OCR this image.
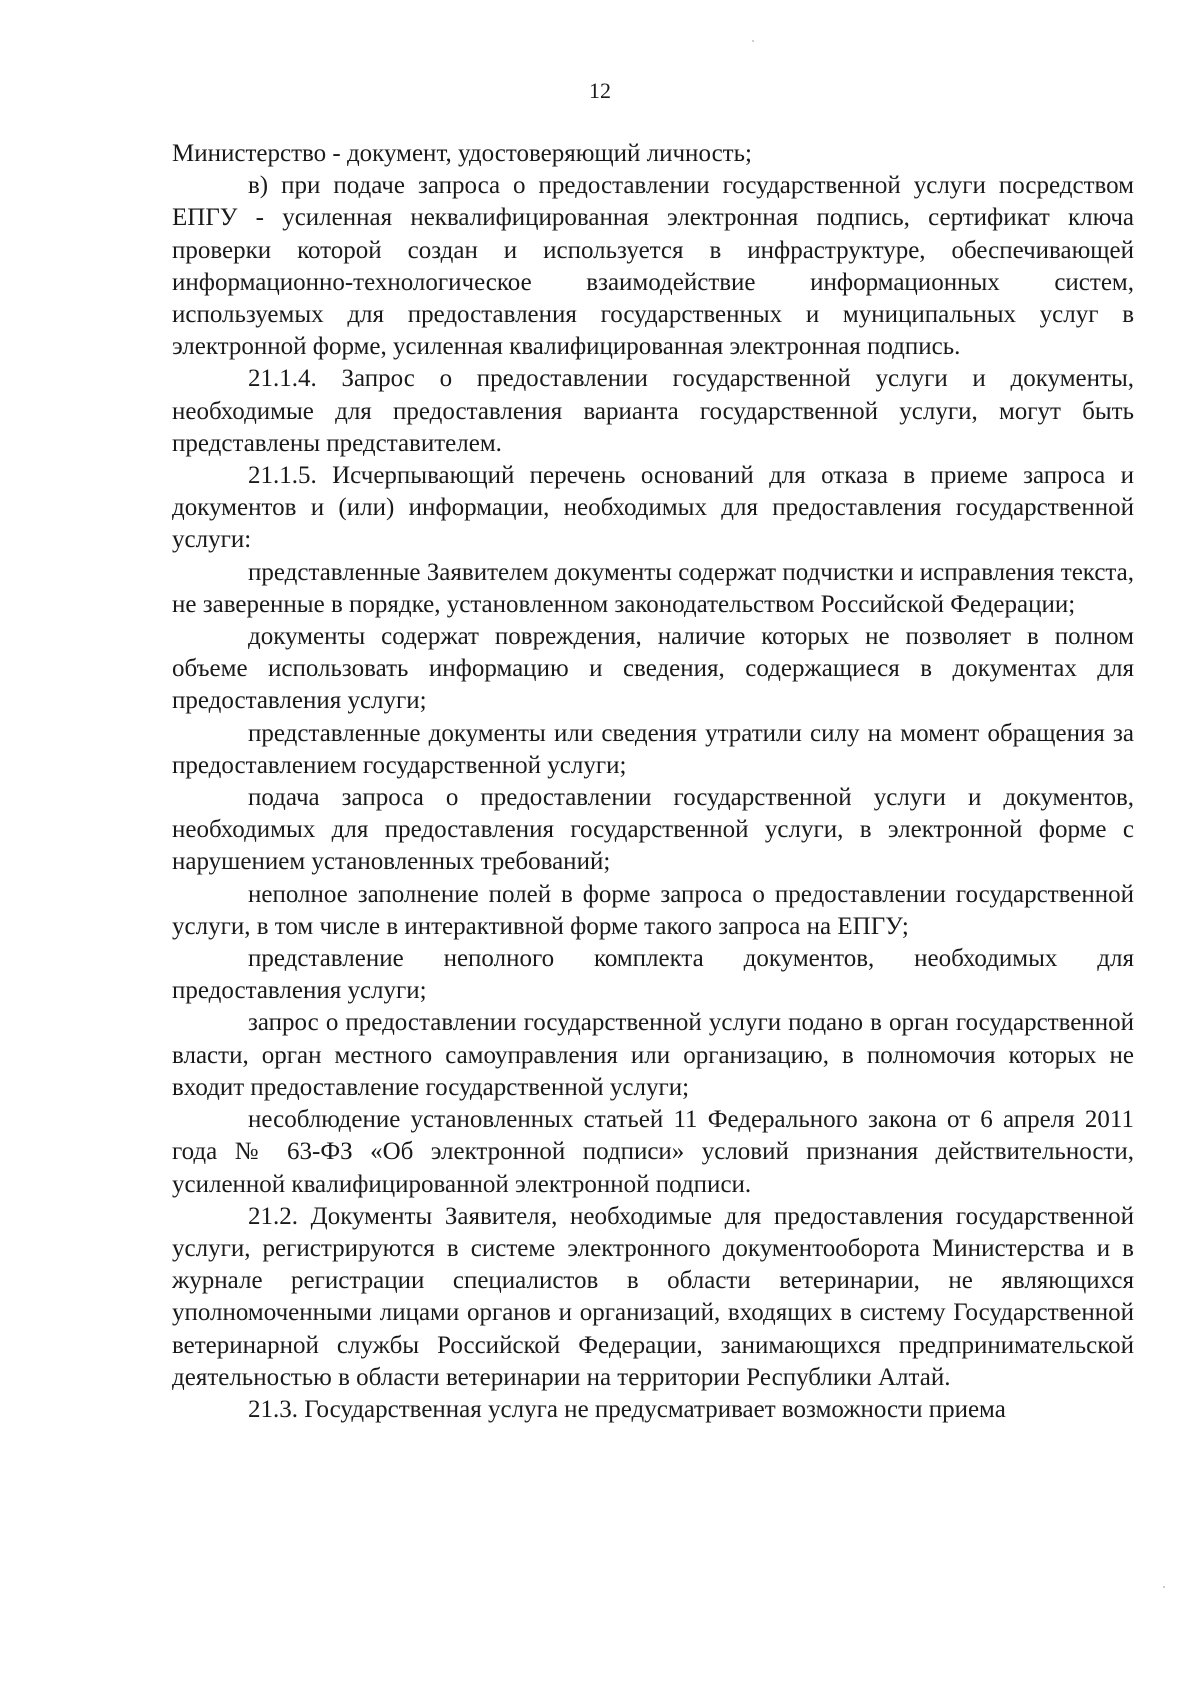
12

Министерство - документ, удостоверяющий личность;

в) при подаче запроса о предоставлении государственной услуги посредством ЕПГУ - усиленная неквалифицированная электронная подпись, сертификат ключа проверки которой создан и используется в инфраструктуре, обеспечивающей информационно-технологическое взаимодействие информационных систем, используемых для предоставления государственных и муниципальных услуг в электронной форме, усиленная квалифицированная электронная подпись.

21.1.4. Запрос о предоставлении государственной услуги и документы, необходимые для предоставления варианта государственной услуги, могут быть представлены представителем.

21.1.5. Исчерпывающий перечень оснований для отказа в приеме запроса и документов и (или) информации, необходимых для предоставления государственной услуги:

представленные Заявителем документы содержат подчистки и исправления текста, не заверенные в порядке, установленном законодательством Российской Федерации;

документы содержат повреждения, наличие которых не позволяет в полном объеме использовать информацию и сведения, содержащиеся в документах для предоставления услуги;

представленные документы или сведения утратили силу на момент обращения за предоставлением государственной услуги;

подача запроса о предоставлении государственной услуги и документов, необходимых для предоставления государственной услуги, в электронной форме с нарушением установленных требований;

неполное заполнение полей в форме запроса о предоставлении государственной услуги, в том числе в интерактивной форме такого запроса на ЕПГУ;

представление неполного комплекта документов, необходимых для предоставления услуги;

запрос о предоставлении государственной услуги подано в орган государственной власти, орган местного самоуправления или организацию, в полномочия которых не входит предоставление государственной услуги;

несоблюдение установленных статьей 11 Федерального закона от 6 апреля 2011 года № 63-ФЗ «Об электронной подписи» условий признания действительности, усиленной квалифицированной электронной подписи.

21.2. Документы Заявителя, необходимые для предоставления государственной услуги, регистрируются в системе электронного документооборота Министерства и в журнале регистрации специалистов в области ветеринарии, не являющихся уполномоченными лицами органов и организаций, входящих в систему Государственной ветеринарной службы Российской Федерации, занимающихся предпринимательской деятельностью в области ветеринарии на территории Республики Алтай.

21.3. Государственная услуга не предусматривает возможности приема
